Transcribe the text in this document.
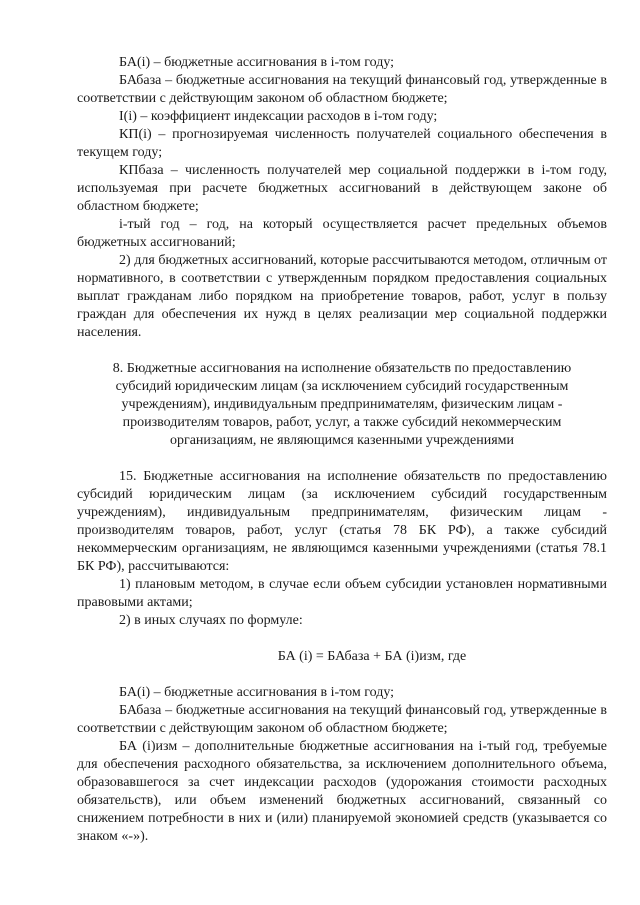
БА(i) – бюджетные ассигнования в i-том году;

БАбаза – бюджетные ассигнования на текущий финансовый год, утвержденные в соответствии с действующим законом об областном бюджете;

I(i) – коэффициент индексации расходов в i-том году;

КП(i) – прогнозируемая численность получателей социального обеспечения в текущем году;

КПбаза – численность получателей мер социальной поддержки в i-том году, используемая при расчете бюджетных ассигнований в действующем законе об областном бюджете;

i-тый год – год, на который осуществляется расчет предельных объемов бюджетных ассигнований;

2) для бюджетных ассигнований, которые рассчитываются методом, отличным от нормативного, в соответствии с утвержденным порядком предоставления социальных выплат гражданам либо порядком на приобретение товаров, работ, услуг в пользу граждан для обеспечения их нужд в целях реализации мер социальной поддержки населения.

8. Бюджетные ассигнования на исполнение обязательств по предоставлению субсидий юридическим лицам (за исключением субсидий государственным учреждениям), индивидуальным предпринимателям, физическим лицам - производителям товаров, работ, услуг, а также субсидий некоммерческим организациям, не являющимся казенными учреждениями

15. Бюджетные ассигнования на исполнение обязательств по предоставлению субсидий юридическим лицам (за исключением субсидий государственным учреждениям), индивидуальным предпринимателям, физическим лицам - производителям товаров, работ, услуг (статья 78 БК РФ), а также субсидий некоммерческим организациям, не являющимся казенными учреждениями (статья 78.1 БК РФ), рассчитываются:

1) плановым методом, в случае если объем субсидии установлен нормативными правовыми актами;

2) в иных случаях по формуле:

БА (i) = БАбаза + БА (i)изм, где

БА(i) – бюджетные ассигнования в i-том году;

БАбаза – бюджетные ассигнования на текущий финансовый год, утвержденные в соответствии с действующим законом об областном бюджете;

БА (i)изм – дополнительные бюджетные ассигнования на i-тый год, требуемые для обеспечения расходного обязательства, за исключением дополнительного объема, образовавшегося за счет индексации расходов (удорожания стоимости расходных обязательств), или объем изменений бюджетных ассигнований, связанный со снижением потребности в них и (или) планируемой экономией средств (указывается со знаком «-»).
